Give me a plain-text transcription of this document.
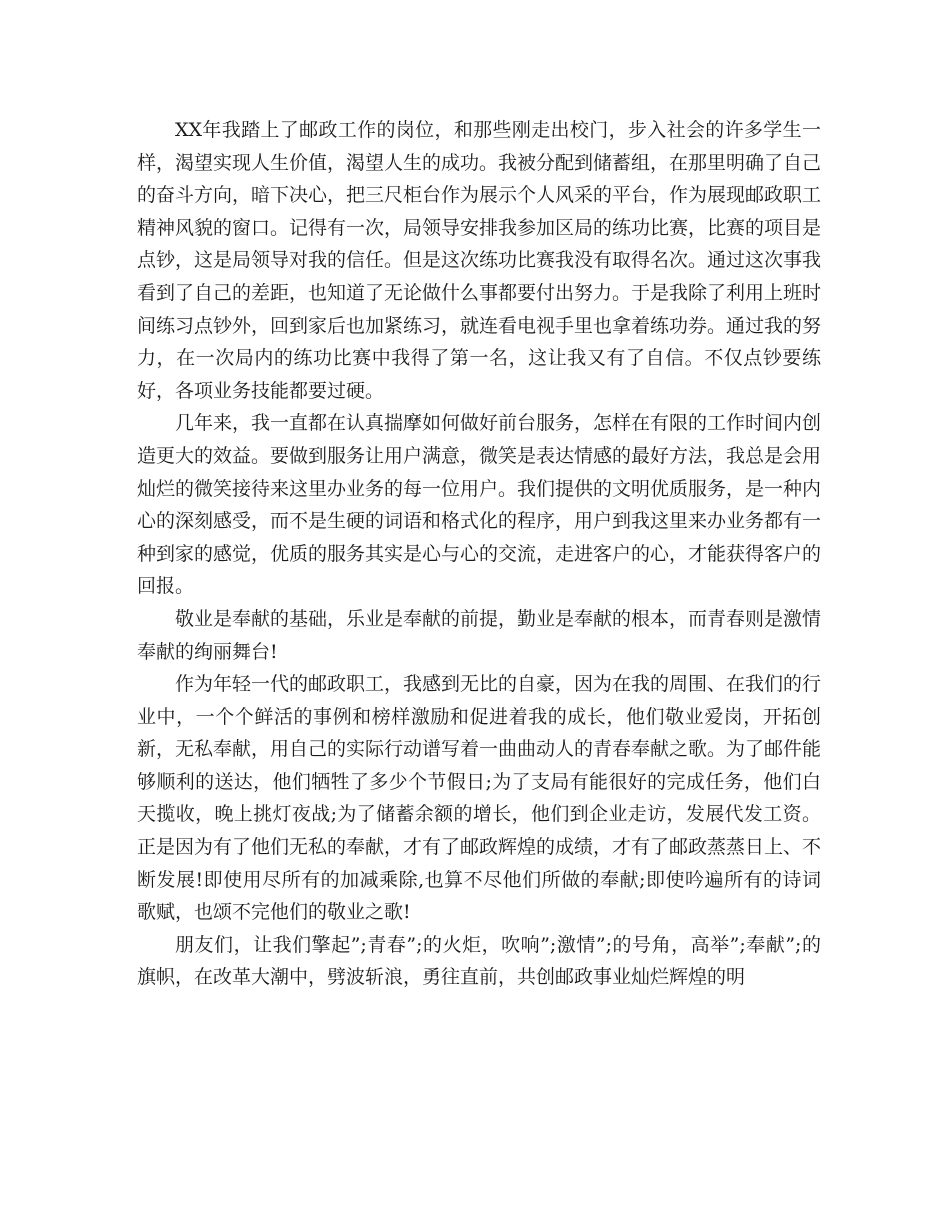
XX年我踏上了邮政工作的岗位，和那些刚走出校门，步入社会的许多学生一样，渴望实现人生价值，渴望人生的成功。我被分配到储蓄组，在那里明确了自己的奋斗方向，暗下决心，把三尺柜台作为展示个人风采的平台，作为展现邮政职工精神风貌的窗口。记得有一次，局领导安排我参加区局的练功比赛，比赛的项目是点钞，这是局领导对我的信任。但是这次练功比赛我没有取得名次。通过这次事我看到了自己的差距，也知道了无论做什么事都要付出努力。于是我除了利用上班时间练习点钞外，回到家后也加紧练习，就连看电视手里也拿着练功券。通过我的努力，在一次局内的练功比赛中我得了第一名，这让我又有了自信。不仅点钞要练好，各项业务技能都要过硬。

几年来，我一直都在认真揣摩如何做好前台服务，怎样在有限的工作时间内创造更大的效益。要做到服务让用户满意，微笑是表达情感的最好方法，我总是会用灿烂的微笑接待来这里办业务的每一位用户。我们提供的文明优质服务，是一种内心的深刻感受，而不是生硬的词语和格式化的程序，用户到我这里来办业务都有一种到家的感觉，优质的服务其实是心与心的交流，走进客户的心，才能获得客户的回报。

敬业是奉献的基础，乐业是奉献的前提，勤业是奉献的根本，而青春则是激情奉献的绚丽舞台!

作为年轻一代的邮政职工，我感到无比的自豪，因为在我的周围、在我们的行业中，一个个鲜活的事例和榜样激励和促进着我的成长，他们敬业爱岗，开拓创新，无私奉献，用自己的实际行动谱写着一曲曲动人的青春奉献之歌。为了邮件能够顺利的送达，他们牺牲了多少个节假日;为了支局有能很好的完成任务，他们白天揽收，晚上挑灯夜战;为了储蓄余额的增长，他们到企业走访，发展代发工资。正是因为有了他们无私的奉献，才有了邮政辉煌的成绩，才有了邮政蒸蒸日上、不断发展!即使用尽所有的加减乘除,也算不尽他们所做的奉献;即使吟遍所有的诗词歌赋，也颂不完他们的敬业之歌!

朋友们，让我们擎起”;青春”;的火炬，吹响”;激情”;的号角，高举”;奉献”;的旗帜，在改革大潮中，劈波斩浪，勇往直前，共创邮政事业灿烂辉煌的明
